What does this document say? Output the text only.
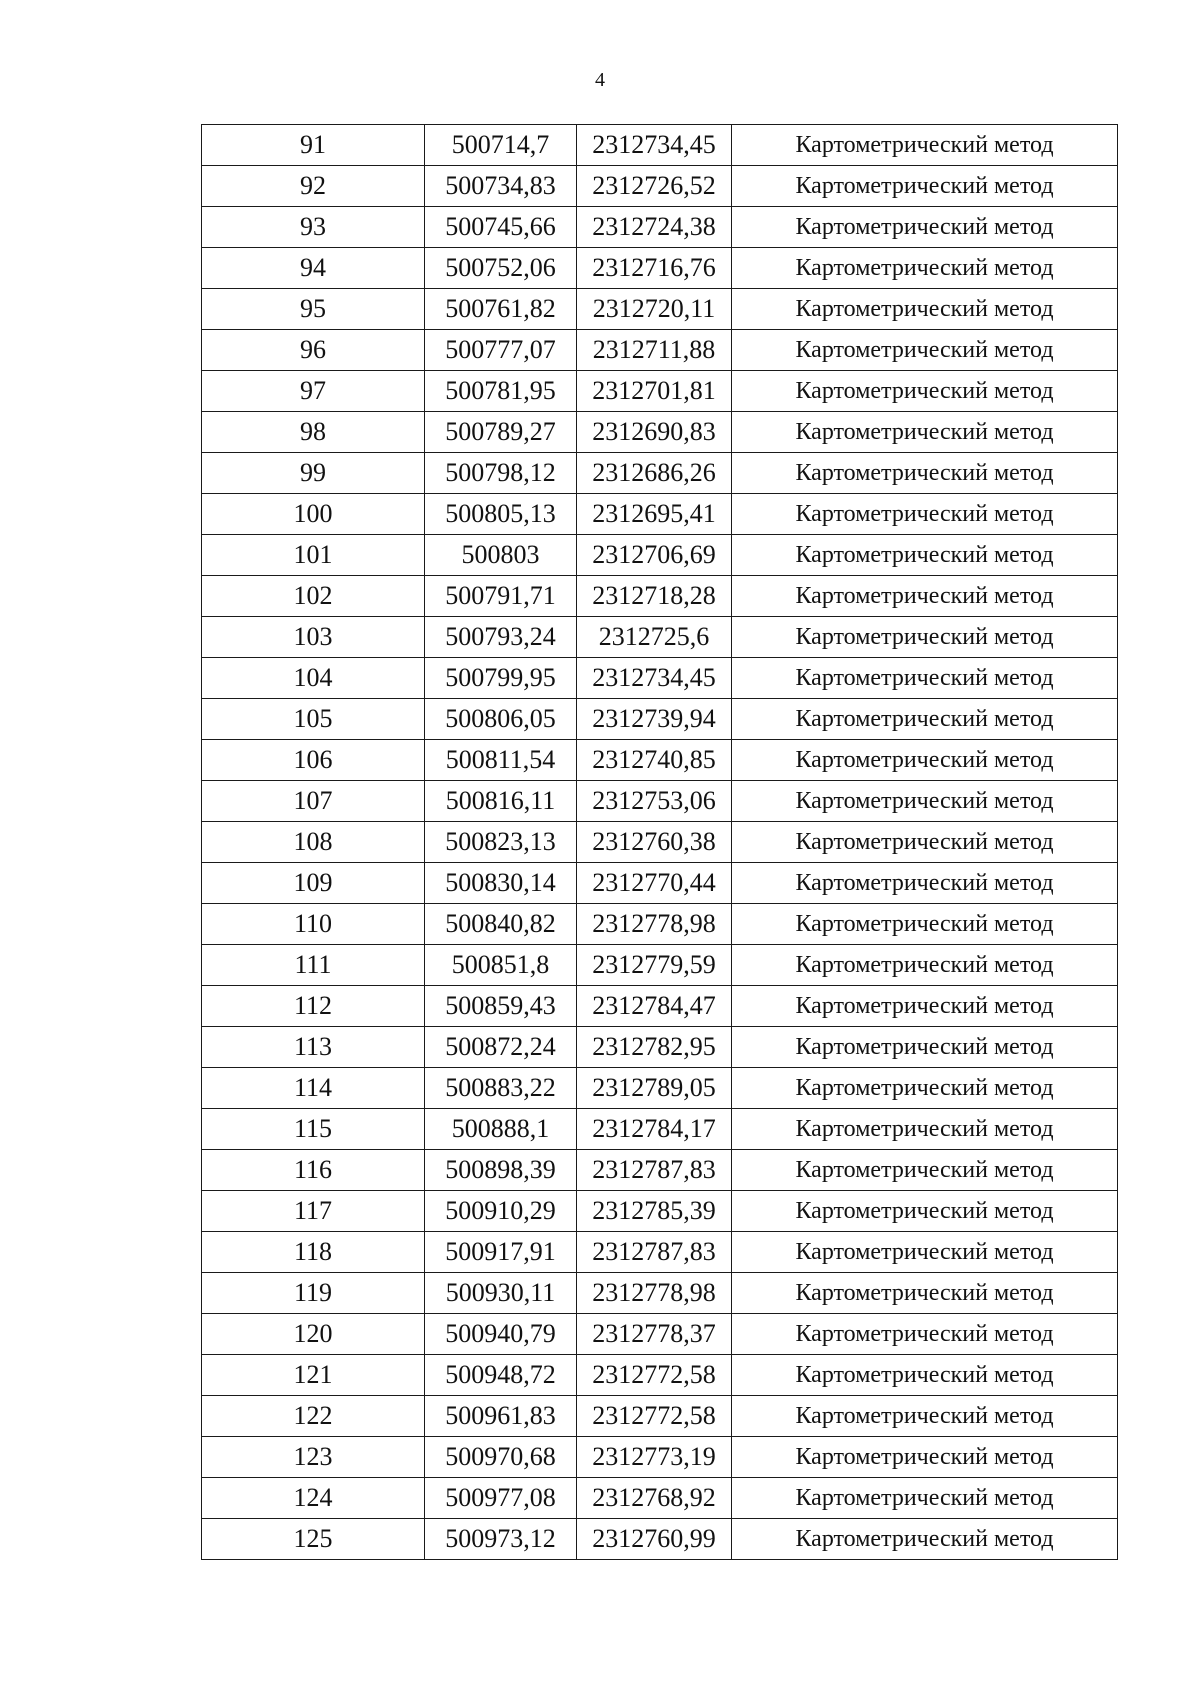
4
91	500714,7	2312734,45	Картометрический метод
92	500734,83	2312726,52	Картометрический метод
93	500745,66	2312724,38	Картометрический метод
94	500752,06	2312716,76	Картометрический метод
95	500761,82	2312720,11	Картометрический метод
96	500777,07	2312711,88	Картометрический метод
97	500781,95	2312701,81	Картометрический метод
98	500789,27	2312690,83	Картометрический метод
99	500798,12	2312686,26	Картометрический метод
100	500805,13	2312695,41	Картометрический метод
101	500803	2312706,69	Картометрический метод
102	500791,71	2312718,28	Картометрический метод
103	500793,24	2312725,6	Картометрический метод
104	500799,95	2312734,45	Картометрический метод
105	500806,05	2312739,94	Картометрический метод
106	500811,54	2312740,85	Картометрический метод
107	500816,11	2312753,06	Картометрический метод
108	500823,13	2312760,38	Картометрический метод
109	500830,14	2312770,44	Картометрический метод
110	500840,82	2312778,98	Картометрический метод
111	500851,8	2312779,59	Картометрический метод
112	500859,43	2312784,47	Картометрический метод
113	500872,24	2312782,95	Картометрический метод
114	500883,22	2312789,05	Картометрический метод
115	500888,1	2312784,17	Картометрический метод
116	500898,39	2312787,83	Картометрический метод
117	500910,29	2312785,39	Картометрический метод
118	500917,91	2312787,83	Картометрический метод
119	500930,11	2312778,98	Картометрический метод
120	500940,79	2312778,37	Картометрический метод
121	500948,72	2312772,58	Картометрический метод
122	500961,83	2312772,58	Картометрический метод
123	500970,68	2312773,19	Картометрический метод
124	500977,08	2312768,92	Картометрический метод
125	500973,12	2312760,99	Картометрический метод
